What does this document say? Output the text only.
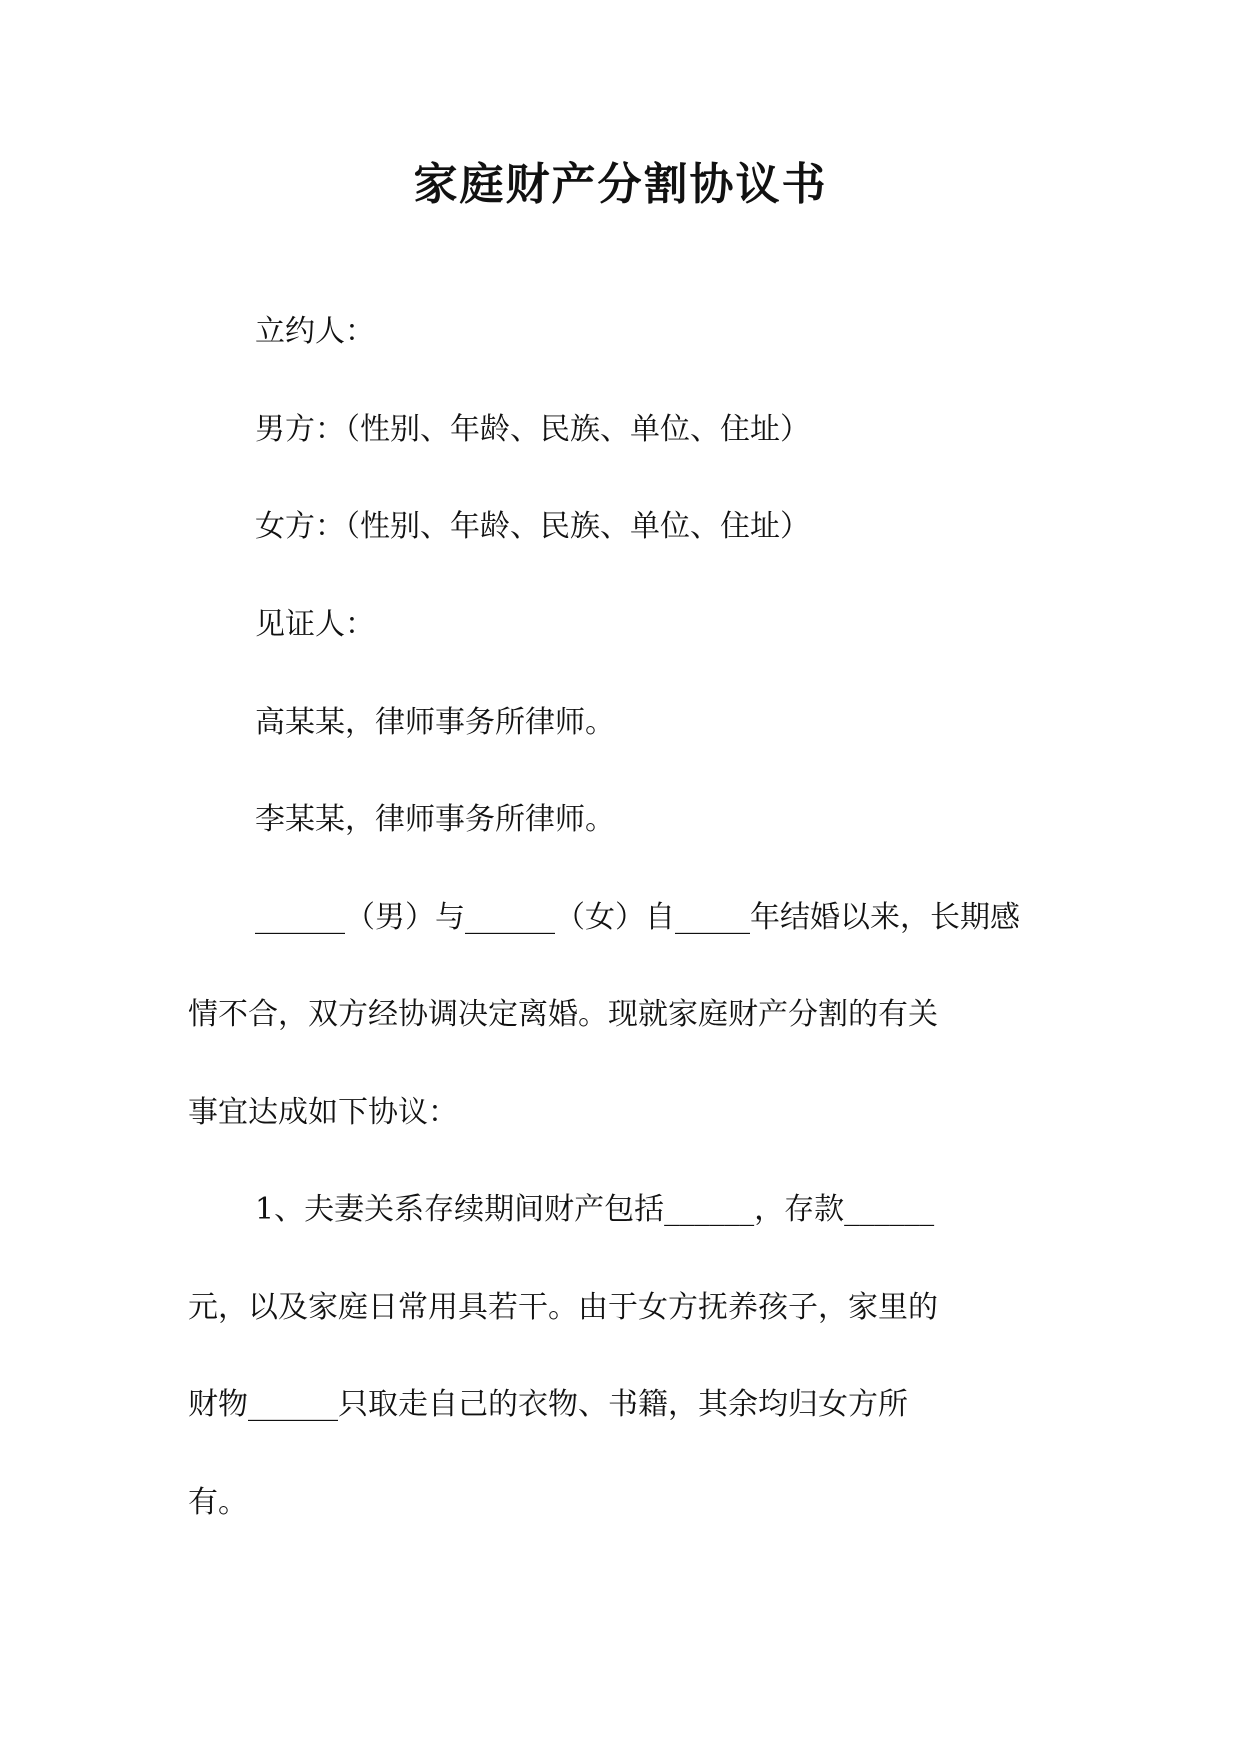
家庭财产分割协议书
立约人：
男方：（性别、年龄、民族、单位、住址）
女方：（性别、年龄、民族、单位、住址）
见证人：
高某某，律师事务所律师。
李某某，律师事务所律师。
______（男）与______（女）自_____年结婚以来，长期感
情不合，双方经协调决定离婚。现就家庭财产分割的有关
事宜达成如下协议：
1、夫妻关系存续期间财产包括______，存款______
元，以及家庭日常用具若干。由于女方抚养孩子，家里的
财物______只取走自己的衣物、书籍，其余均归女方所
有。
